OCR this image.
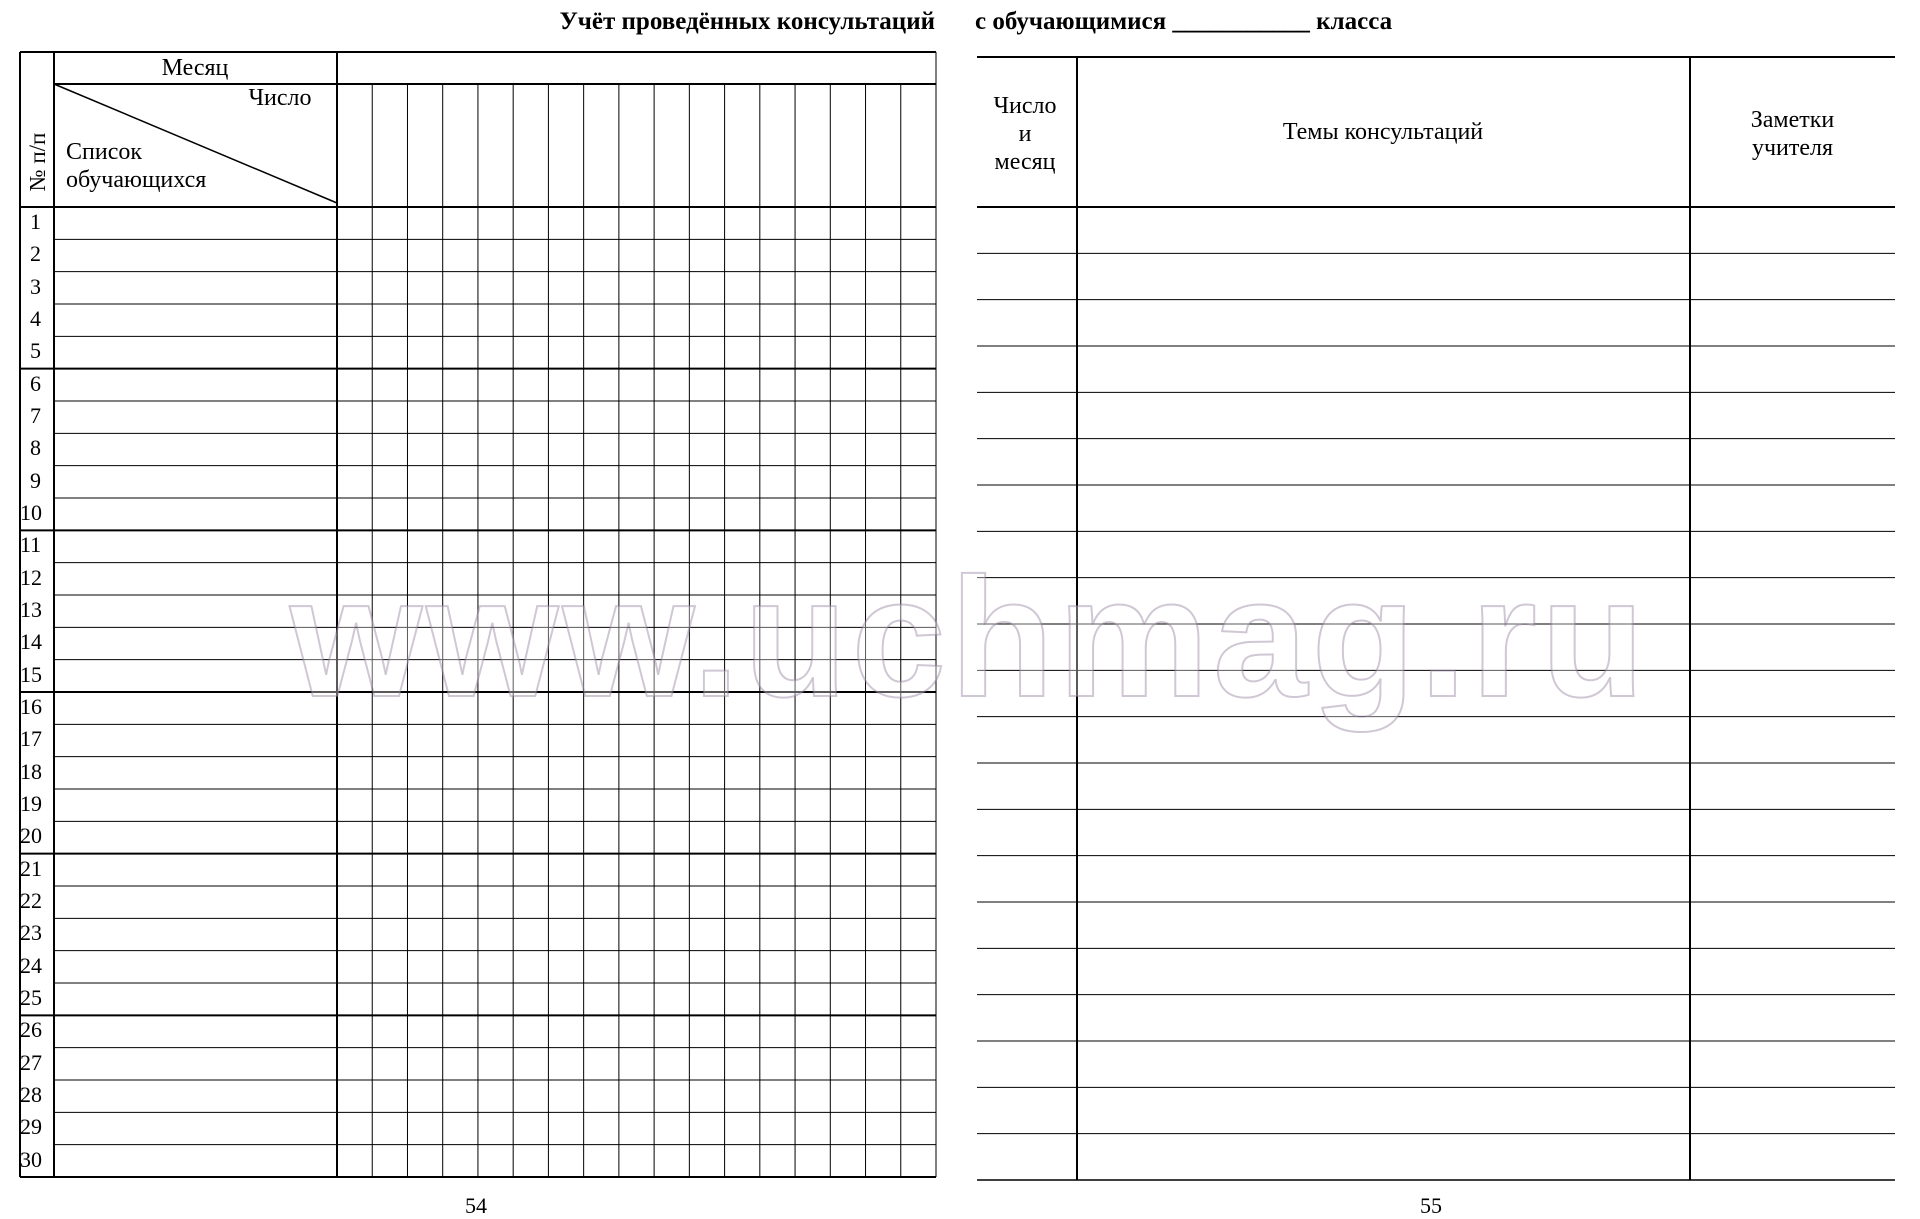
Учёт проведённых консультаций с обучающимися ___________ класса
Месяц
Число
Список
обучающихся
№ п/п
1
2
3
4
5
6
7
8
9
10
11
12
13
14
15
16
17
18
19
20
21
22
23
24
25
26
27
28
29
30
Число
и
месяц
Темы консультаций	Заметки
учителя
54	55
www.uchmag.ru
